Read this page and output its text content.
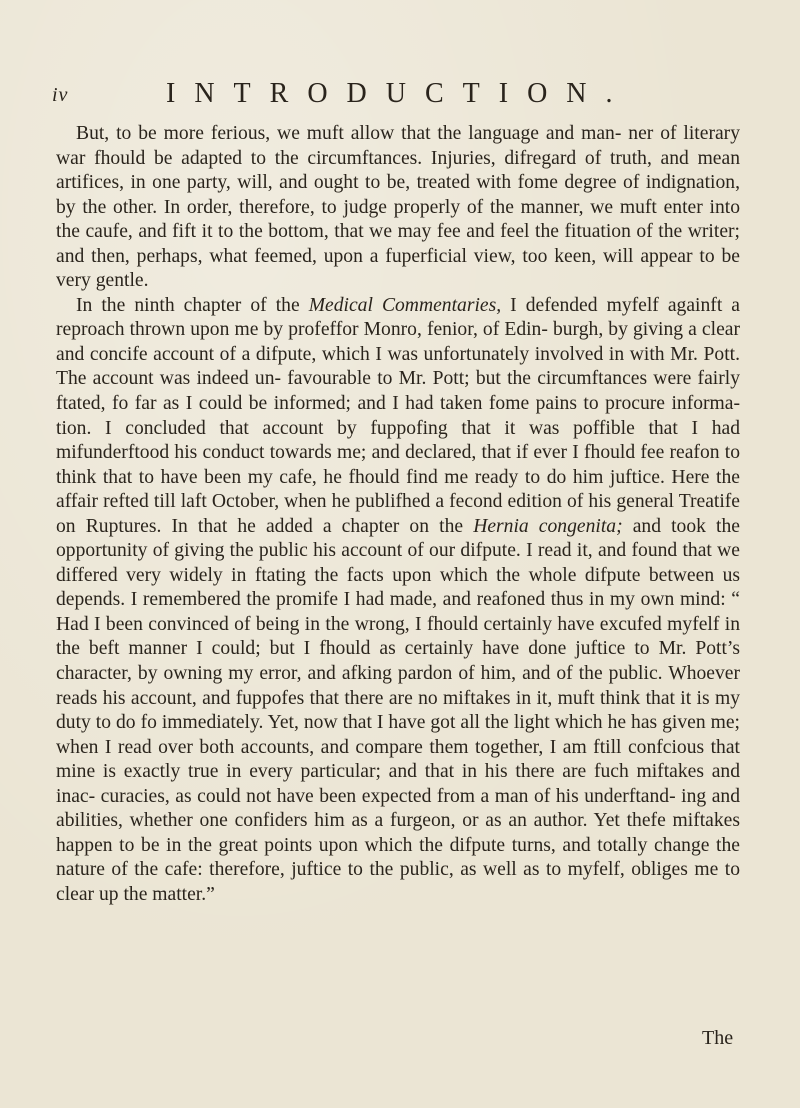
iv	INTRODUCTION.

But, to be more ferious, we muft allow that the language and man- ner of literary war fhould be adapted to the circumftances. Injuries, difregard of truth, and mean artifices, in one party, will, and ought to be, treated with fome degree of indignation, by the other. In order, therefore, to judge properly of the manner, we muft enter into the caufe, and fift it to the bottom, that we may fee and feel the fituation of the writer; and then, perhaps, what feemed, upon a fuperficial view, too keen, will appear to be very gentle.

In the ninth chapter of the Medical Commentaries, I defended myfelf againft a reproach thrown upon me by profeffor Monro, fenior, of Edin- burgh, by giving a clear and concife account of a difpute, which I was unfortunately involved in with Mr. Pott. The account was indeed un- favourable to Mr. Pott; but the circumftances were fairly ftated, fo far as I could be informed; and I had taken fome pains to procure informa- tion. I concluded that account by fuppofing that it was poffible that I had mifunderftood his conduct towards me; and declared, that if ever I fhould fee reafon to think that to have been my cafe, he fhould find me ready to do him juftice. Here the affair refted till laft October, when he publifhed a fecond edition of his general Treatife on Ruptures. In that he added a chapter on the Hernia congenita; and took the opportunity of giving the public his account of our difpute. I read it, and found that we differed very widely in ftating the facts upon which the whole difpute between us depends. I remembered the promife I had made, and reafoned thus in my own mind: “ Had I been convinced of being in the wrong, I fhould certainly have excufed myfelf in the beft manner I could; but I fhould as certainly have done juftice to Mr. Pott’s character, by owning my error, and afking pardon of him, and of the public. Whoever reads his account, and fuppofes that there are no miftakes in it, muft think that it is my duty to do fo immediately. Yet, now that I have got all the light which he has given me; when I read over both accounts, and compare them together, I am ftill confcious that mine is exactly true in every particular; and that in his there are fuch miftakes and inac- curacies, as could not have been expected from a man of his underftand- ing and abilities, whether one confiders him as a furgeon, or as an author. Yet thefe miftakes happen to be in the great points upon which the difpute turns, and totally change the nature of the cafe: therefore, juftice to the public, as well as to myfelf, obliges me to clear up the matter.”

The
